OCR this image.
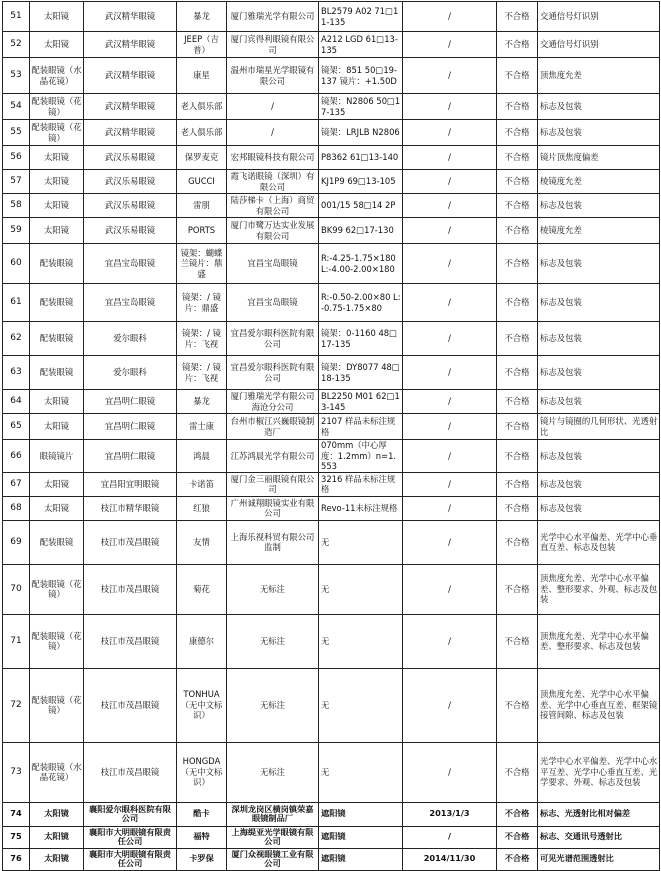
51	太阳镜	武汉精华眼镜	暴龙	厦门雅瑞光学有限公司	BL2579 A02 71□11-135	/	不合格	交通信号灯识别
52	太阳镜	武汉精华眼镜	JEEP（吉普）	厦门宾得利眼镜有限公司	A212 LGD 61□13-135	/	不合格	交通信号灯识别
53	配装眼镜（水晶花镜）	武汉精华眼镜	康星	温州市瑞星光学眼镜有限公司	镜架：851 50□19-137 镜片：+1.50D	/	不合格	顶焦度允差
54	配装眼镜（花镜）	武汉精华眼镜	老人俱乐部	/	镜架：N2806 50□17-135	/	不合格	标志及包装
55	配装眼镜（花镜）	武汉精华眼镜	老人俱乐部	/	镜架：LRJLB N2806	/	不合格	标志及包装
56	太阳镜	武汉乐易眼镜	保罗麦克	宏邦眼镜科技有限公司	P8362 61□13-140	/	不合格	镜片顶焦度偏差
57	太阳镜	武汉乐易眼镜	GUCCI	霞飞诺眼镜（深圳）有限公司	KJ1P9 69□13-105	/	不合格	棱镜度允差
58	太阳镜	武汉乐易眼镜	雷朋	陆莎梯卡（上海）商贸有限公司	001/15 58□14 2P	/	不合格	标志及包装
59	太阳镜	武汉乐易眼镜	PORTS	厦门市鹭万达实业发展有限公司	BK99 62□17-130	/	不合格	棱镜度允差
60	配装眼镜	宜昌宝岛眼镜	镜架：蝴蝶兰镜片：鼎盛	宜昌宝岛眼镜	R:-4.25-1.75×180 L:-4.00-2.00×180	/	不合格	标志及包装
61	配装眼镜	宜昌宝岛眼镜	镜架：/ 镜片：鼎盛	宜昌宝岛眼镜	R:-0.50-2.00×80 L:-0.75-1.75×80	/	不合格	标志及包装
62	配装眼镜	爱尔眼科	镜架：/ 镜片：飞视	宜昌爱尔眼科医院有限公司	镜架：0-1160 48□17-135	/	不合格	标志及包装
63	配装眼镜	爱尔眼科	镜架：/ 镜片：飞视	宜昌爱尔眼科医院有限公司	镜架：DY8077 48□18-135	/	不合格	标志及包装
64	太阳镜	宜昌明仁眼镜	暴龙	厦门雅瑞光学有限公司海沧分公司	BL2250 M01 62□13-145	/	不合格	标志及包装
65	太阳镜	宜昌明仁眼镜	雷士康	台州市椒江兴巍眼镜制造厂	2107 样品未标注规格	/	不合格	镜片与镜圈的几何形状、光透射比
66	眼镜镜片	宜昌明仁眼镜	鸿晨	江苏鸿晨光学有限公司	070mm（中心厚度：1.2mm）n=1.553	/	不合格	标志及包装
67	太阳镜	宜昌阳宜明眼镜	卡诺笛	厦门金三丽眼镜有限公司	3216 样品未标注规格	/	不合格	标志及包装
68	太阳镜	枝江市精华眼镜	红狼	广州诚翔眼镜实业有限公司	Revo-11未标注规格	/	不合格	标志及包装
69	配装眼镜	枝江市茂昌眼镜	友情	上海乐视科贸有限公司监制	无	/	不合格	光学中心水平偏差、光学中心垂直互差、标志及包装
70	配装眼镜（花镜）	枝江市茂昌眼镜	菊花	无标注	无	/	不合格	顶焦度允差、光学中心水平偏差、整形要求、外观、标志及包装
71	配装眼镜（花镜）	枝江市茂昌眼镜	康德尔	无标注	无	/	不合格	顶焦度允差、光学中心水平偏差、整形要求、标志及包装
72	配装眼镜（花镜）	枝江市茂昌眼镜	TONHUA（无中文标识）	无标注	无	/	不合格	顶焦度允差、光学中心水平偏差、光学中心垂直互差、框架镜接管间隙、标志及包装
73	配装眼镜（水晶花镜）	枝江市茂昌眼镜	HONGDA（无中文标识）	无标注	无	/	不合格	光学中心水平偏差、光学中心水平互差、光学中心垂直互差、光学要求、外观、标志及包装
74	太阳镜	襄阳爱尔眼科医院有限公司	酷卡	深圳龙岗区横岗镇荣嘉眼镜制品厂	遮阳镜	2013/1/3	不合格	标志、光透射比相对偏差
75	太阳镜	襄阳市大明眼镜有限责任公司	福特	上海缇亚光学眼镜有限公司	遮阳镜	/	不合格	标志、交通讯号透射比
76	太阳镜	襄阳市大明眼镜有限责任公司	卡罗保	厦门众视眼镜工业有限公司	遮阳镜	2014/11/30	不合格	可见光谱范围透射比
